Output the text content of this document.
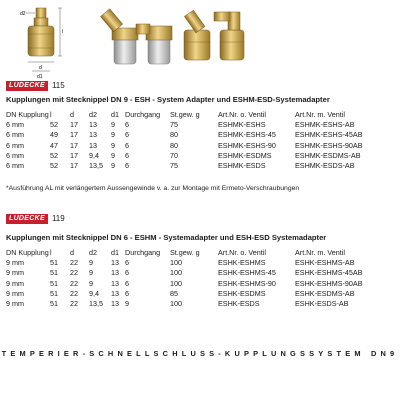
l
d
d1
d2
LUDECKE 115
Kupplungen mit Stecknippel DN 9 - ESH - System Adapter und ESHM-ESD-Systemadapter
DN Kupplung	l	d	d2	d1	Durchgang	St.gew. g	Art.Nr. o. Ventil	Art.Nr. m. Ventil
6 mm	52	17	13	9	6	75	ESHMK-ESHS	ESHMK-ESHS-AB
6 mm	49	17	13	9	6	80	ESHMK-ESHS-45	ESHMK-ESHS-45AB
6 mm	47	17	13	9	6	80	ESHMK-ESHS-90	ESHMK-ESHS-90AB
6 mm	52	17	9,4	9	6	70	ESHMK-ESDMS	ESHMK-ESDMS-AB
6 mm	52	17	13,5	9	6	75	ESHMK-ESDS	ESHMK-ESDS-AB
*Ausführung AL mit verlängertem Aussengewinde v. a. zur Montage mit Ermeto-Verschraubungen
LUDECKE 119
Kupplungen mit Stecknippel DN 6 - ESHM - Systemadapter und ESH-ESD Systemadapter
DN Kupplung	l	d	d2	d1	Durchgang	St.gew. g	Art.Nr. o. Ventil	Art.Nr. m. Ventil
9 mm	51	22	9	13	6	100	ESHK-ESHMS	ESHK-ESHMS-AB
9 mm	51	22	9	13	6	100	ESHK-ESHMS-45	ESHK-ESHMS-45AB
9 mm	51	22	9	13	6	100	ESHK-ESHMS-90	ESHK-ESHMS-90AB
9 mm	51	22	9,4	13	6	85	ESHK-ESDMS	ESHK-ESDMS-AB
9 mm	51	22	13,5	13	9	100	ESHK-ESDS	ESHK-ESDS-AB
TEMPERIER-SCHNELLSCHLUSS-KUPPLUNGSSYSTEM DN9
